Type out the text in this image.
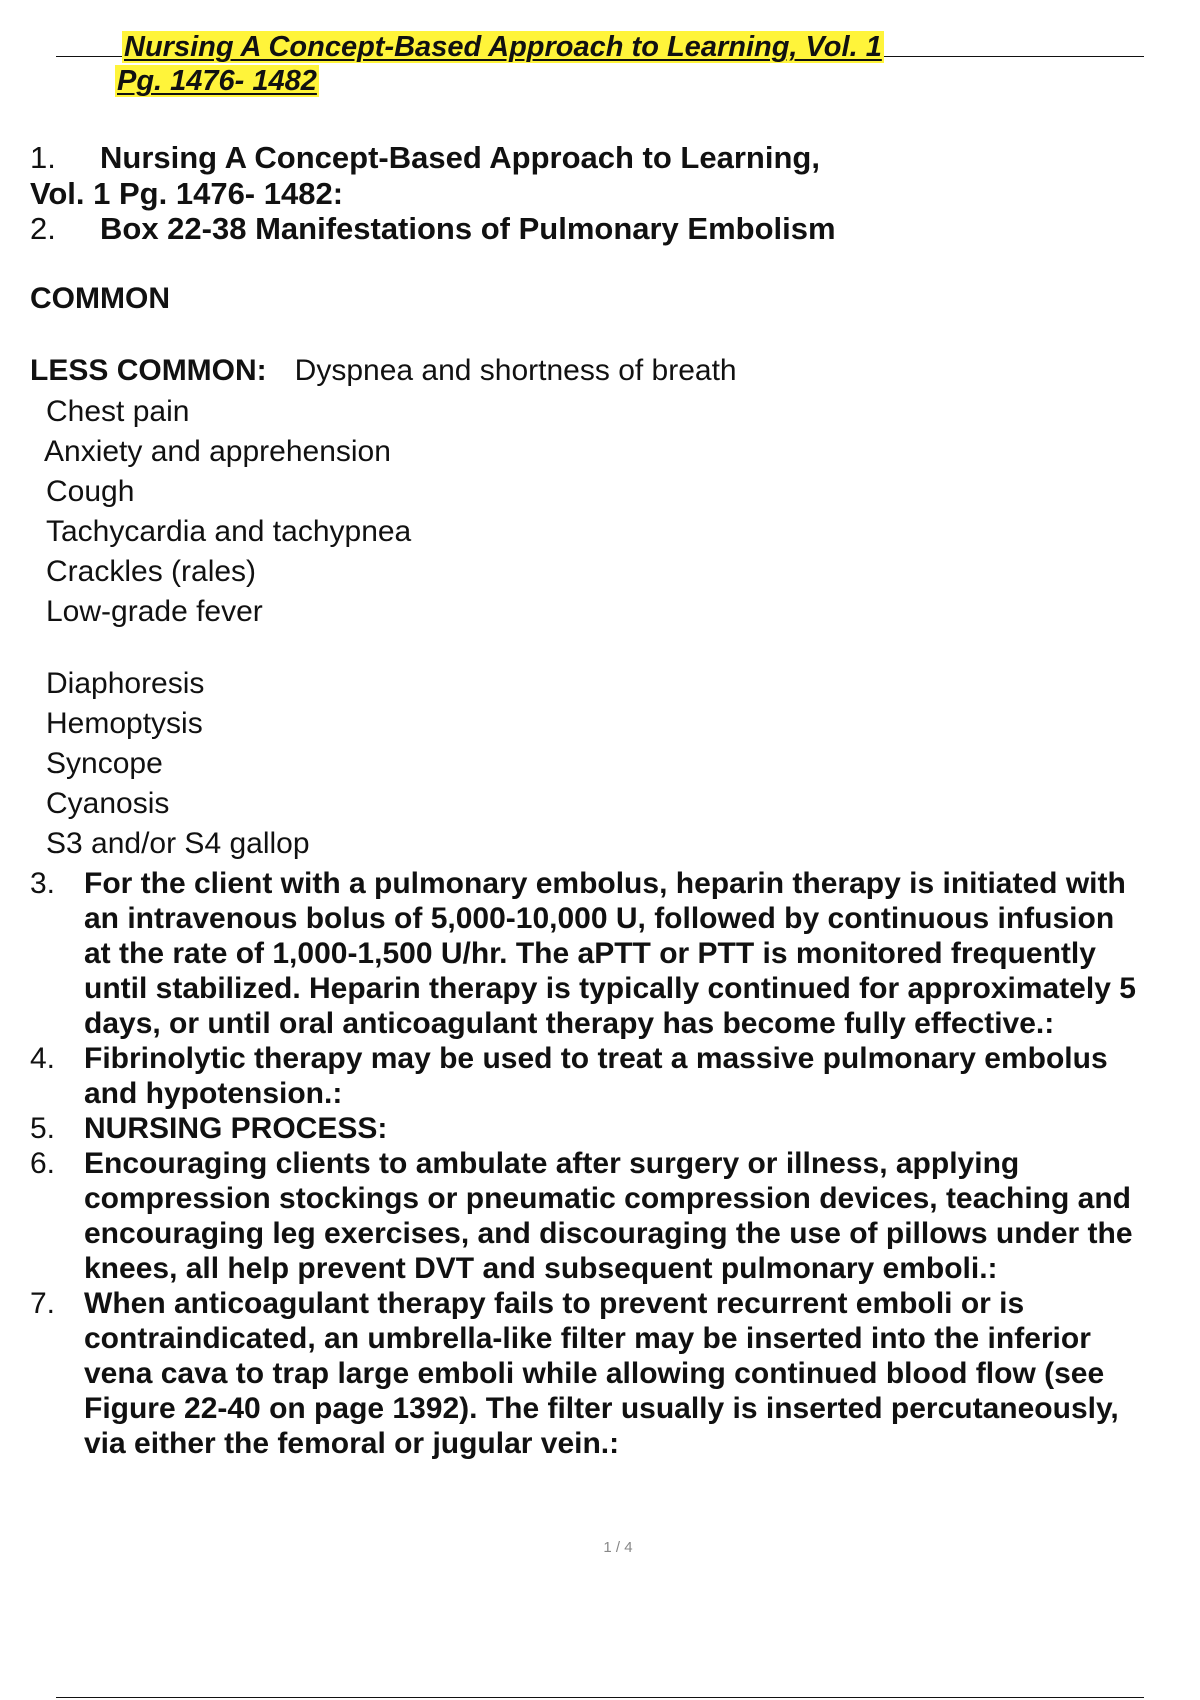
Nursing A Concept-Based Approach to Learning, Vol. 1
Pg. 1476- 1482
1. Nursing A Concept-Based Approach to Learning,
Vol. 1 Pg. 1476- 1482:
2. Box 22-38 Manifestations of Pulmonary Embolism
COMMON
LESS COMMON: Dyspnea and shortness of breath
Chest pain
Anxiety and apprehension
Cough
Tachycardia and tachypnea
Crackles (rales)
Low-grade fever
Diaphoresis
Hemoptysis
Syncope
Cyanosis
S3 and/or S4 gallop
3. For the client with a pulmonary embolus, heparin therapy is initiated with
an intravenous bolus of 5,000-10,000 U, followed by continuous infusion
at the rate of 1,000-1,500 U/hr. The aPTT or PTT is monitored frequently
until stabilized. Heparin therapy is typically continued for approximately 5
days, or until oral anticoagulant therapy has become fully effective.:
4. Fibrinolytic therapy may be used to treat a massive pulmonary embolus
and hypotension.:
5. NURSING PROCESS:
6. Encouraging clients to ambulate after surgery or illness, applying
compression stockings or pneumatic compression devices, teaching and
encouraging leg exercises, and discouraging the use of pillows under the
knees, all help prevent DVT and subsequent pulmonary emboli.:
7. When anticoagulant therapy fails to prevent recurrent emboli or is
contraindicated, an umbrella-like filter may be inserted into the inferior
vena cava to trap large emboli while allowing continued blood flow (see
Figure 22-40 on page 1392). The filter usually is inserted percutaneously,
via either the femoral or jugular vein.:
1 / 4
